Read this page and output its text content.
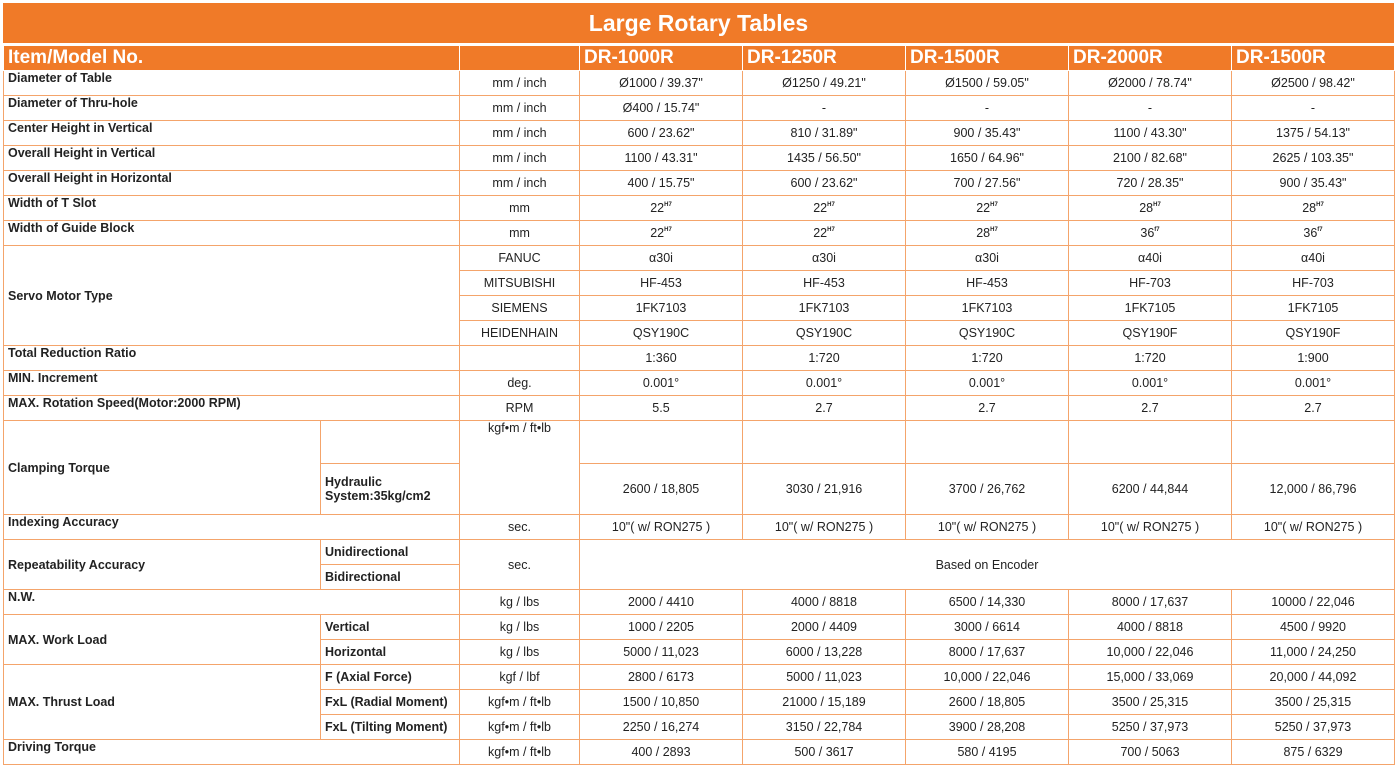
Large Rotary Tables
Item/Model No.			DR-1000R	DR-1250R	DR-1500R	DR-2000R	DR-1500R
Diameter of Table		mm / inch	Ø1000 / 39.37"	Ø1250 / 49.21"	Ø1500 / 59.05"	Ø2000 / 78.74"	Ø2500 / 98.42"
Diameter of Thru-hole		mm / inch	Ø400 / 15.74"	-	-	-	-
Center Height in Vertical		mm / inch	600 / 23.62"	810 / 31.89"	900 / 35.43"	1100 / 43.30"	1375 / 54.13"
Overall Height in Vertical		mm / inch	1100 / 43.31"	1435 / 56.50"	1650 / 64.96"	2100 / 82.68"	2625 / 103.35"
Overall Height in Horizontal		mm / inch	400 / 15.75"	600 / 23.62"	700 / 27.56"	720 / 28.35"	900 / 35.43"
Width of T Slot		mm	$22^{H7}$	$22^{H7}$	$22^{H7}$	$28^{H7}$	$28^{H7}$
Width of Guide Block		mm	$22^{H7}$	$22^{H7}$	$28^{H7}$	$36^{f7}$	$36^{f7}$
Servo Motor Type		FANUC	α30i	α30i	α30i	α40i	α40i
		MITSUBISHI	HF-453	HF-453	HF-453	HF-703	HF-703
		SIEMENS	1FK7103	1FK7103	1FK7103	1FK7105	1FK7105
		HEIDENHAIN	QSY190C	QSY190C	QSY190C	QSY190F	QSY190F
Total Reduction Ratio			1:360	1:720	1:720	1:720	1:900
MIN. Increment		deg.	0.001°	0.001°	0.001°	0.001°	0.001°
MAX. Rotation Speed(Motor:2000 RPM)		RPM	5.5	2.7	2.7	2.7	2.7
Clamping Torque		kgf•m / ft•lb					
	Hydraulic System:35kg/cm2		2600 / 18,805	3030 / 21,916	3700 / 26,762	6200 / 44,844	12,000 / 86,796
Indexing Accuracy		sec.	10"( w/ RON275 )	10"( w/ RON275 )	10"( w/ RON275 )	10"( w/ RON275 )	10"( w/ RON275 )
Repeatability Accuracy	Unidirectional	sec.	Based on Encoder				
	Bidirectional						
N.W.		kg / lbs	2000 / 4410	4000 / 8818	6500 / 14,330	8000 / 17,637	10000 / 22,046
MAX. Work Load	Vertical	kg / lbs	1000 / 2205	2000 / 4409	3000 / 6614	4000 / 8818	4500 / 9920
	Horizontal	kg / lbs	5000 / 11,023	6000 / 13,228	8000 / 17,637	10,000 / 22,046	11,000 / 24,250
MAX. Thrust Load	F (Axial Force)	kgf / lbf	2800 / 6173	5000 / 11,023	10,000 / 22,046	15,000 / 33,069	20,000 / 44,092
	FxL (Radial Moment)	kgf•m / ft•lb	1500 / 10,850	21000 / 15,189	2600 / 18,805	3500 / 25,315	3500 / 25,315
	FxL (Tilting Moment)	kgf•m / ft•lb	2250 / 16,274	3150 / 22,784	3900 / 28,208	5250 / 37,973	5250 / 37,973
Driving Torque		kgf•m / ft•lb	400 / 2893	500 / 3617	580 / 4195	700 / 5063	875 / 6329
